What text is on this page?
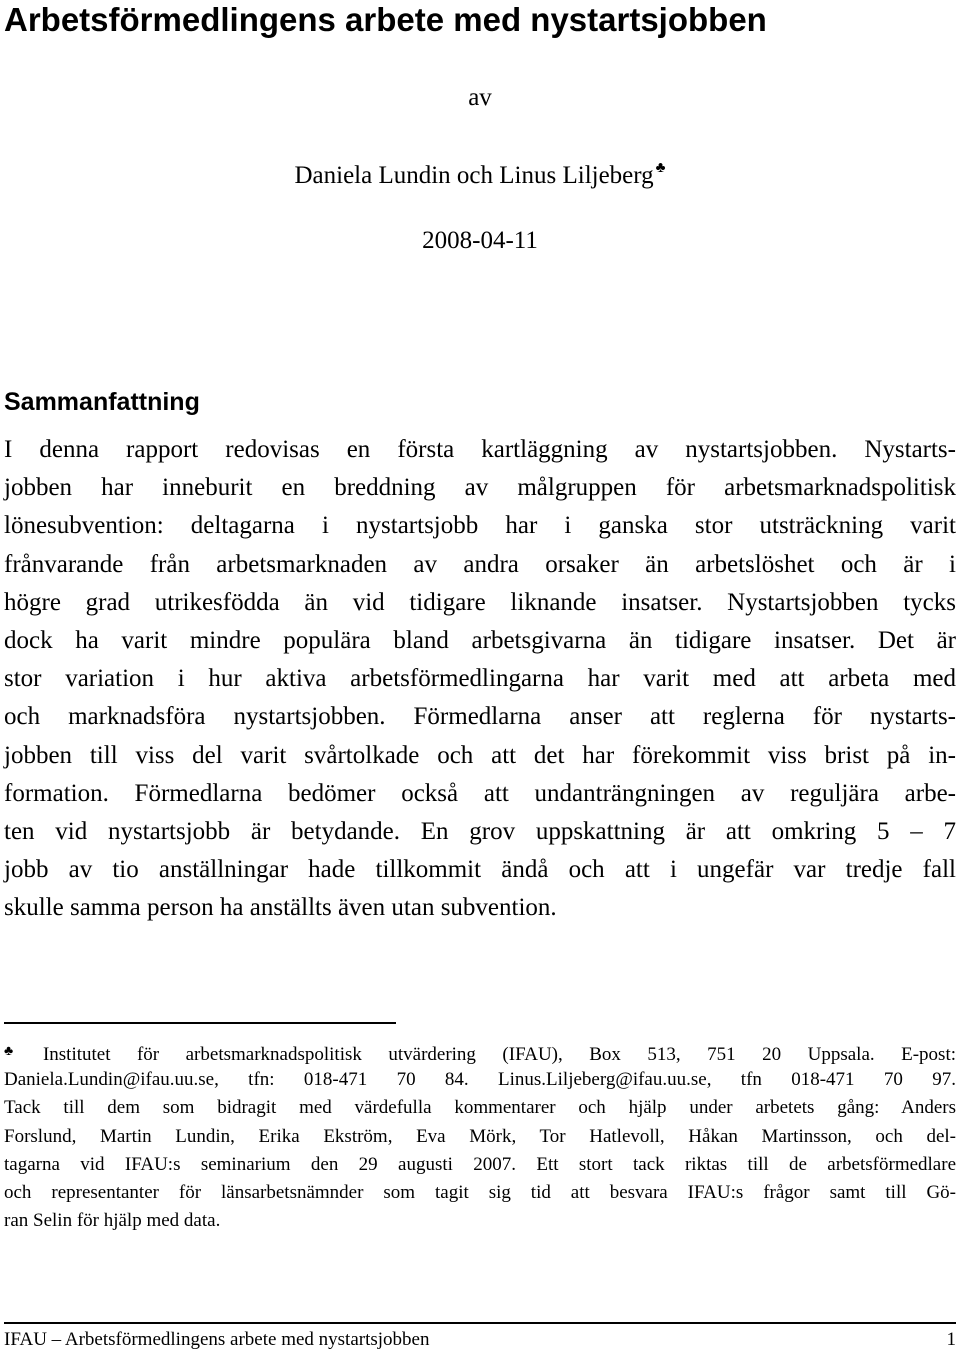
Arbetsförmedlingens arbete med nystartsjobben
av
Daniela Lundin och Linus Liljeberg ♣
2008-04-11
Sammanfattning
I denna rapport redovisas en första kartläggning av nystartsjobben. Nystarts-
jobben har inneburit en breddning av målgruppen för arbetsmarknadspolitisk
lönesubvention: deltagarna i nystartsjobb har i ganska stor utsträckning varit
frånvarande från arbetsmarknaden av andra orsaker än arbetslöshet och är i
högre grad utrikesfödda än vid tidigare liknande insatser. Nystartsjobben tycks
dock ha varit mindre populära bland arbetsgivarna än tidigare insatser. Det är
stor variation i hur aktiva arbetsförmedlingarna har varit med att arbeta med
och marknadsföra nystartsjobben. Förmedlarna anser att reglerna för nystarts-
jobben till viss del varit svårtolkade och att det har förekommit viss brist på in-
formation. Förmedlarna bedömer också att undanträngningen av reguljära arbe-
ten vid nystartsjobb är betydande. En grov uppskattning är att omkring 5 – 7
jobb av tio anställningar hade tillkommit ändå och att i ungefär var tredje fall
skulle samma person ha anställts även utan subvention.
♣ Institutet för arbetsmarknadspolitisk utvärdering (IFAU), Box 513, 751 20 Uppsala. E-post:
Daniela.Lundin@ifau.uu.se, tfn: 018-471 70 84. Linus.Liljeberg@ifau.uu.se, tfn 018-471 70 97.
Tack till dem som bidragit med värdefulla kommentarer och hjälp under arbetets gång: Anders
Forslund, Martin Lundin, Erika Ekström, Eva Mörk, Tor Hatlevoll, Håkan Martinsson, och del-
tagarna vid IFAU:s seminarium den 29 augusti 2007. Ett stort tack riktas till de arbetsförmedlare
och representanter för länsarbetsnämnder som tagit sig tid att besvara IFAU:s frågor samt till Gö-
ran Selin för hjälp med data.
IFAU – Arbetsförmedlingens arbete med nystartsjobben	1
